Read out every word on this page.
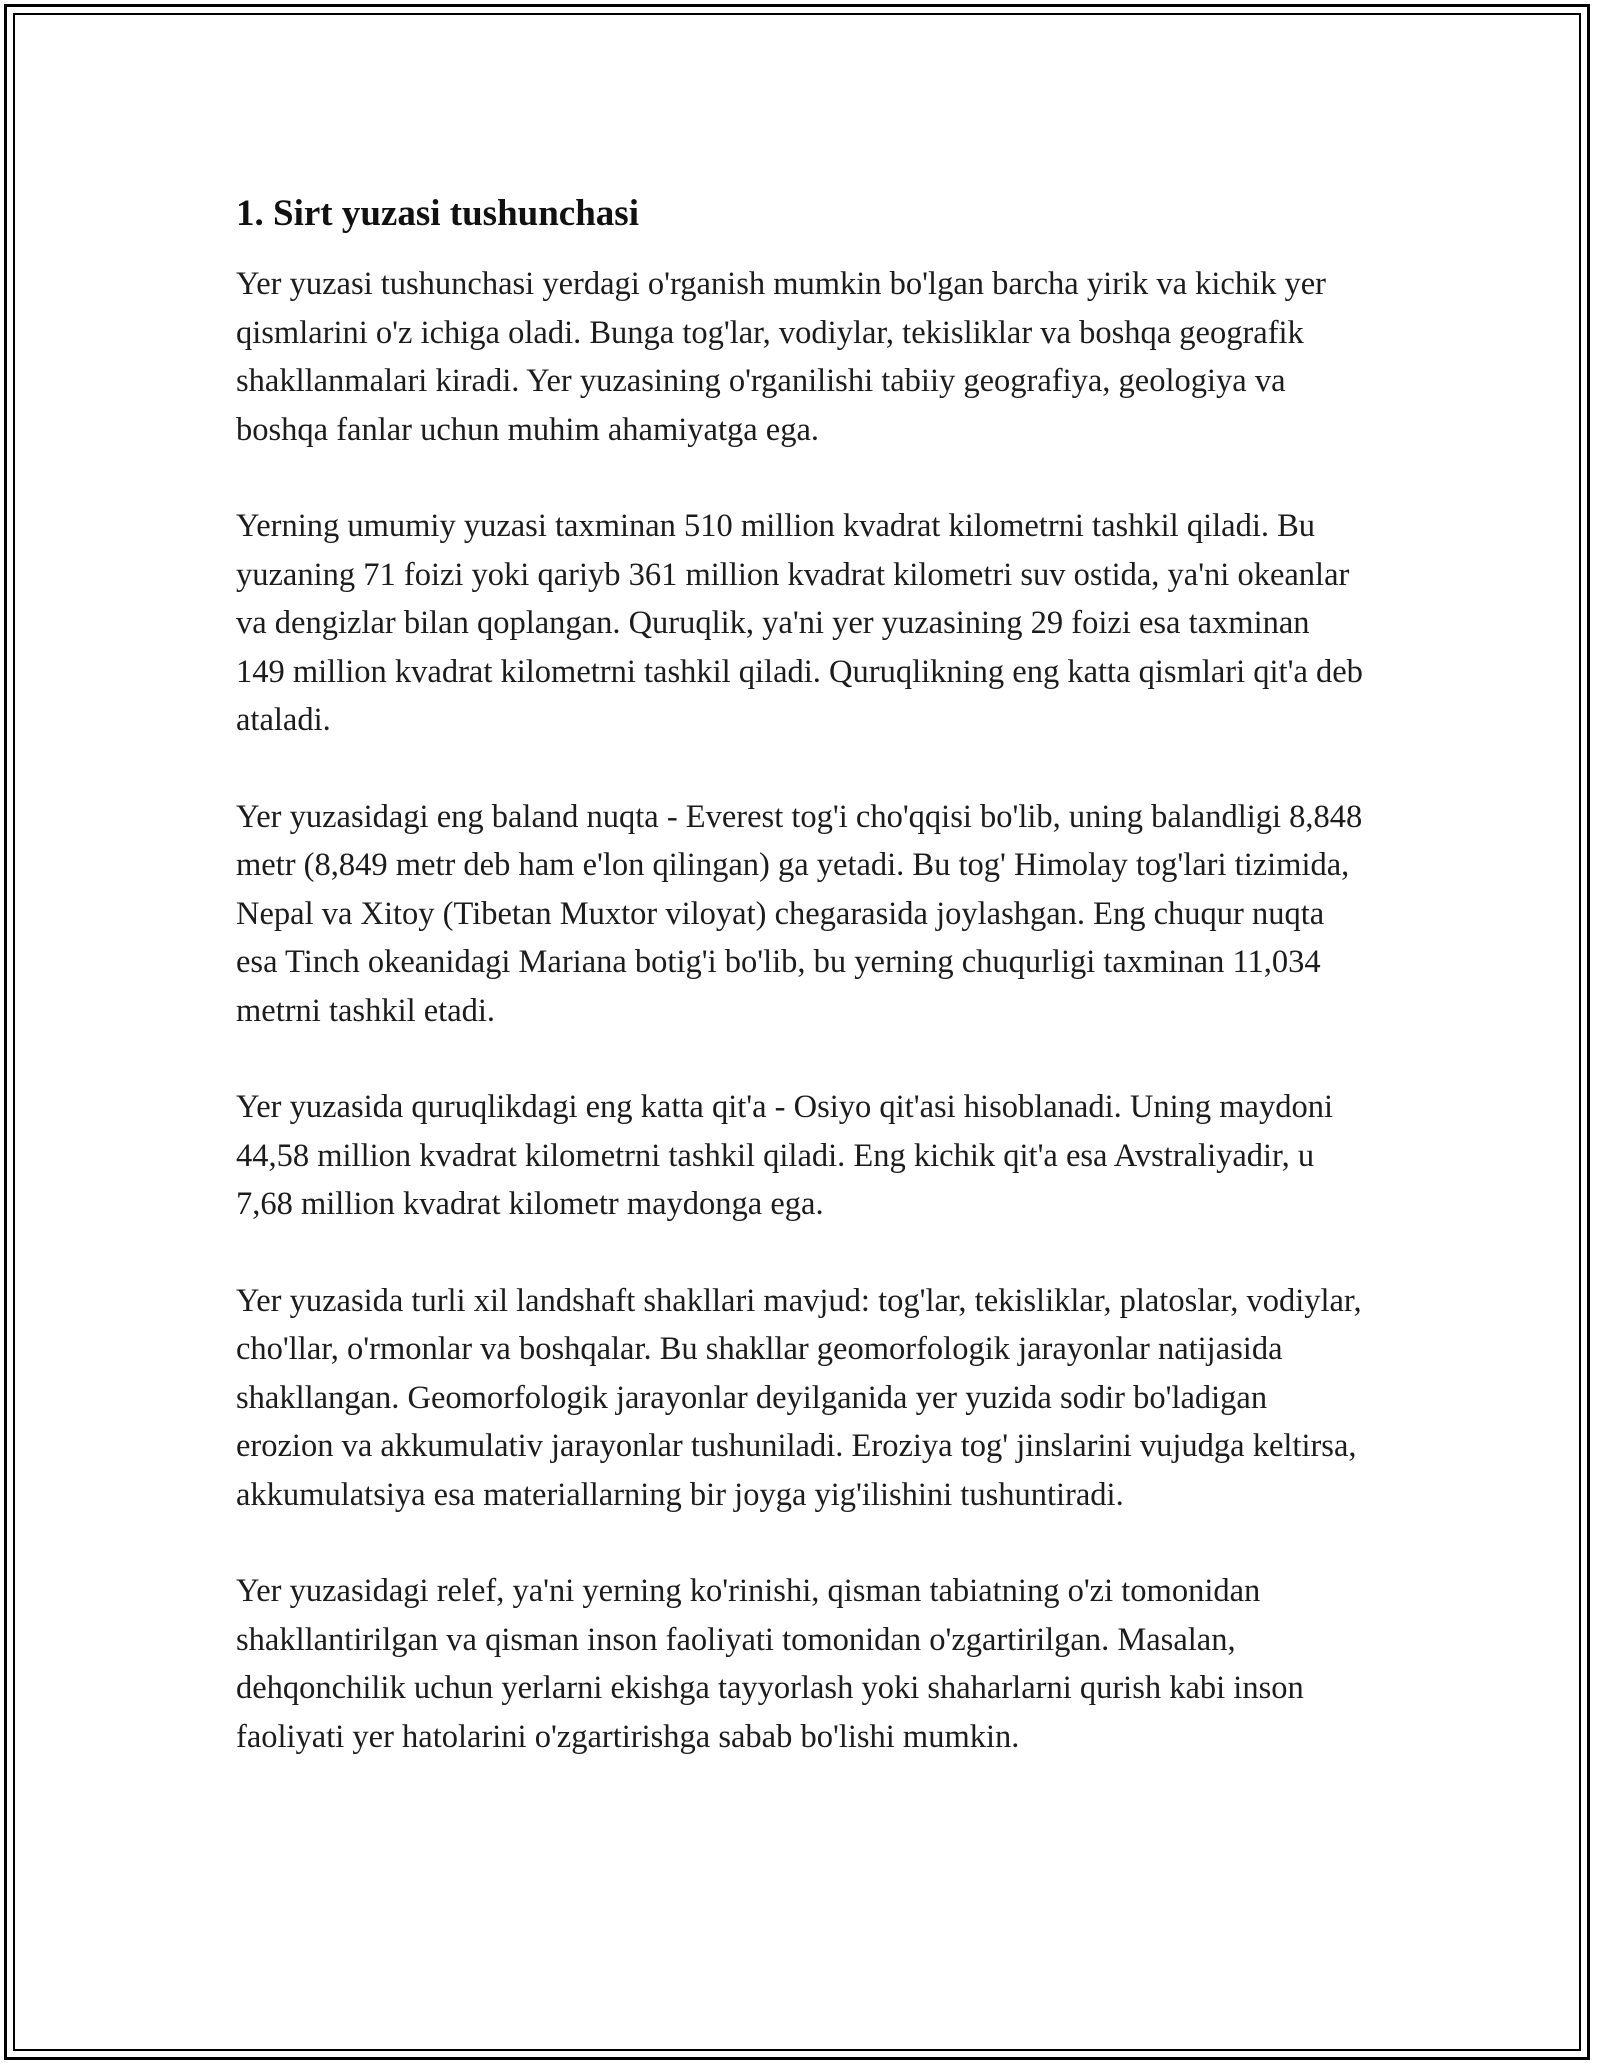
1. Sirt yuzasi tushunchasi

Yer yuzasi tushunchasi yerdagi o'rganish mumkin bo'lgan barcha yirik va kichik yer qismlarini o'z ichiga oladi. Bunga tog'lar, vodiylar, tekisliklar va boshqa geografik shakllanmalari kiradi. Yer yuzasining o'rganilishi tabiiy geografiya, geologiya va boshqa fanlar uchun muhim ahamiyatga ega.

Yerning umumiy yuzasi taxminan 510 million kvadrat kilometrni tashkil qiladi. Bu yuzaning 71 foizi yoki qariyb 361 million kvadrat kilometri suv ostida, ya'ni okeanlar va dengizlar bilan qoplangan. Quruqlik, ya'ni yer yuzasining 29 foizi esa taxminan 149 million kvadrat kilometrni tashkil qiladi. Quruqlikning eng katta qismlari qit'a deb ataladi.

Yer yuzasidagi eng baland nuqta - Everest tog'i cho'qqisi bo'lib, uning balandligi 8,848 metr (8,849 metr deb ham e'lon qilingan) ga yetadi. Bu tog' Himolay tog'lari tizimida, Nepal va Xitoy (Tibetan Muxtor viloyat) chegarasida joylashgan. Eng chuqur nuqta esa Tinch okeanidagi Mariana botig'i bo'lib, bu yerning chuqurligi taxminan 11,034 metrni tashkil etadi.

Yer yuzasida quruqlikdagi eng katta qit'a - Osiyo qit'asi hisoblanadi. Uning maydoni 44,58 million kvadrat kilometrni tashkil qiladi. Eng kichik qit'a esa Avstraliyadir, u 7,68 million kvadrat kilometr maydonga ega.

Yer yuzasida turli xil landshaft shakllari mavjud: tog'lar, tekisliklar, platoslar, vodiylar, cho'llar, o'rmonlar va boshqalar. Bu shakllar geomorfologik jarayonlar natijasida shakllangan. Geomorfologik jarayonlar deyilganida yer yuzida sodir bo'ladigan erozion va akkumulativ jarayonlar tushuniladi. Eroziya tog' jinslarini vujudga keltirsa, akkumulatsiya esa materiallarning bir joyga yig'ilishini tushuntiradi.

Yer yuzasidagi relef, ya'ni yerning ko'rinishi, qisman tabiatning o'zi tomonidan shakllantirilgan va qisman inson faoliyati tomonidan o'zgartirilgan. Masalan, dehqonchilik uchun yerlarni ekishga tayyorlash yoki shaharlarni qurish kabi inson faoliyati yer hatolarini o'zgartirishga sabab bo'lishi mumkin.
